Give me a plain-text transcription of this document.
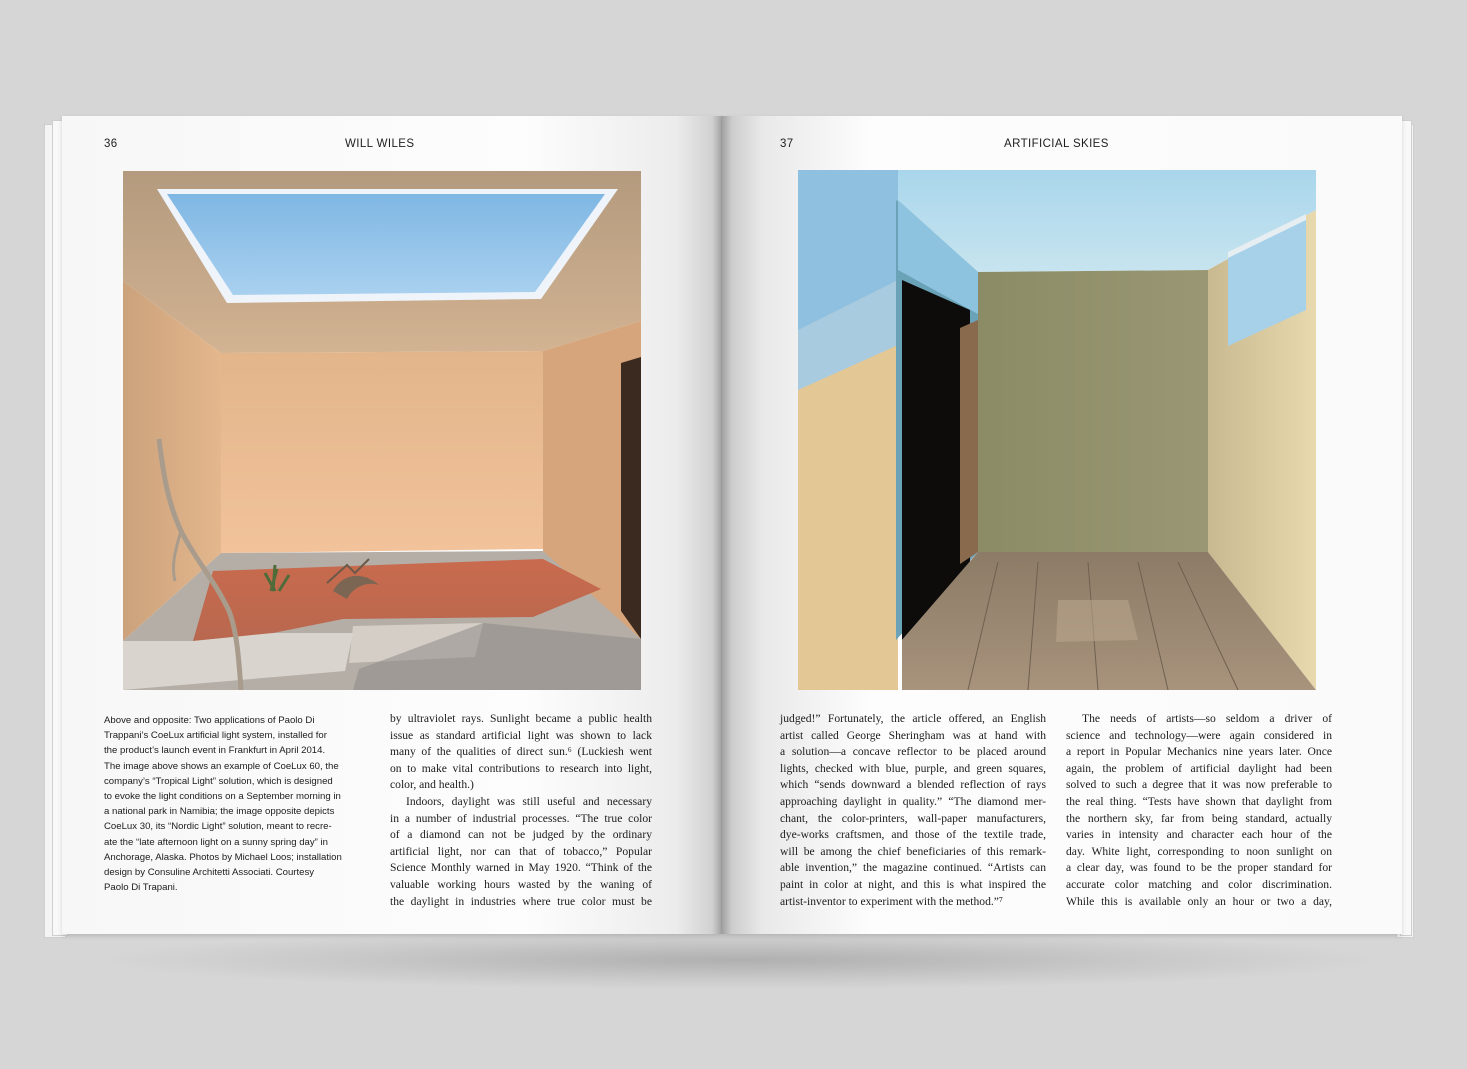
36	WILL WILES
Above and opposite: Two applications of Paolo Di
Trappani’s CoeLux artificial light system, installed for
the product’s launch event in Frankfurt in April 2014.
The image above shows an example of CoeLux 60, the
company’s “Tropical Light” solution, which is designed
to evoke the light conditions on a September morning in
a national park in Namibia; the image opposite depicts
CoeLux 30, its “Nordic Light” solution, meant to recre-
ate the “late afternoon light on a sunny spring day” in
Anchorage, Alaska. Photos by Michael Loos; installation
design by Consuline Architetti Associati. Courtesy
Paolo Di Trapani.
by ultraviolet rays. Sunlight became a public health
issue as standard artificial light was shown to lack
many of the qualities of direct sun.⁶ (Luckiesh went
on to make vital contributions to research into light,
color, and health.)
Indoors, daylight was still useful and necessary
in a number of industrial processes. “The true color
of a diamond can not be judged by the ordinary
artificial light, nor can that of tobacco,” Popular
Science Monthly warned in May 1920. “Think of the
valuable working hours wasted by the waning of
the daylight in industries where true color must be
37	ARTIFICIAL SKIES
judged!” Fortunately, the article offered, an English
artist called George Sheringham was at hand with
a solution—a concave reflector to be placed around
lights, checked with blue, purple, and green squares,
which “sends downward a blended reflection of rays
approaching daylight in quality.” “The diamond mer-
chant, the color-printers, wall-paper manufacturers,
dye-works craftsmen, and those of the textile trade,
will be among the chief beneficiaries of this remark-
able invention,” the magazine continued. “Artists can
paint in color at night, and this is what inspired the
artist-inventor to experiment with the method.”⁷
The needs of artists—so seldom a driver of
science and technology—were again considered in
a report in Popular Mechanics nine years later. Once
again, the problem of artificial daylight had been
solved to such a degree that it was now preferable to
the real thing. “Tests have shown that daylight from
the northern sky, far from being standard, actually
varies in intensity and character each hour of the
day. White light, corresponding to noon sunlight on
a clear day, was found to be the proper standard for
accurate color matching and color discrimination.
While this is available only an hour or two a day,
